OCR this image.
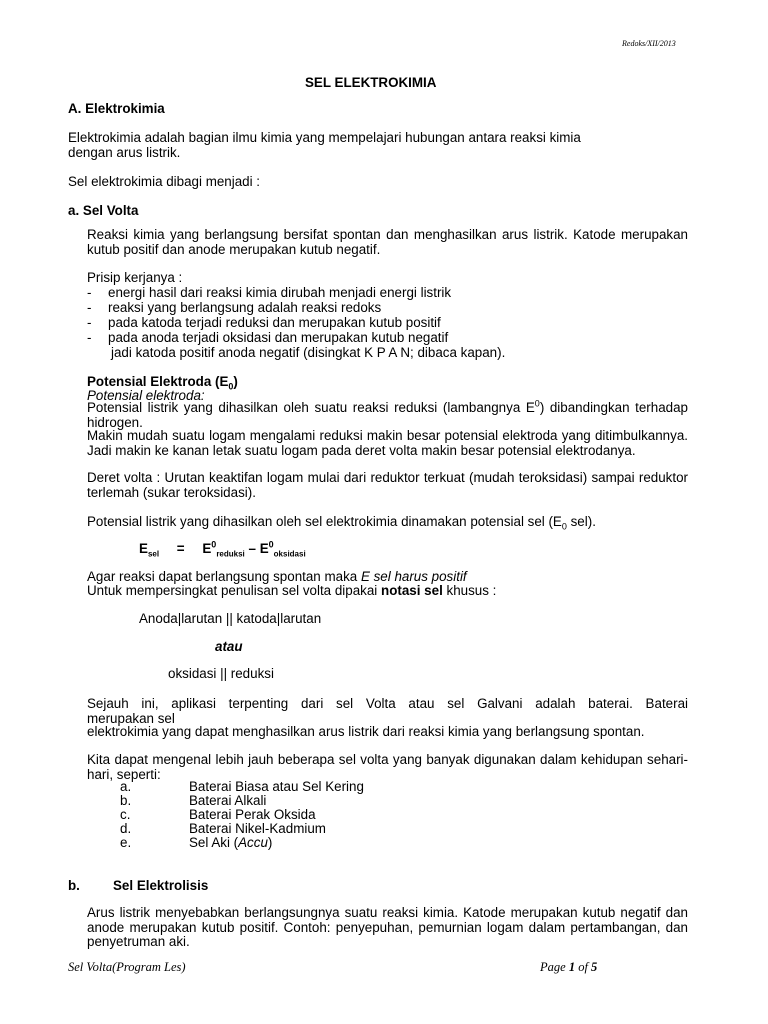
Redoks/XII/2013
SEL ELEKTROKIMIA
A. Elektrokimia
Elektrokimia adalah bagian ilmu kimia yang mempelajari hubungan antara reaksi kimia
dengan arus listrik.
Sel elektrokimia dibagi menjadi :
a. Sel Volta
Reaksi kimia yang berlangsung bersifat spontan dan menghasilkan arus listrik. Katode merupakan kutub positif dan anode merupakan kutub negatif.
Prisip kerjanya :
- energi hasil dari reaksi kimia dirubah menjadi energi listrik
- reaksi yang berlangsung adalah reaksi redoks
- pada katoda terjadi reduksi dan merupakan kutub positif
- pada anoda terjadi oksidasi dan merupakan kutub negatif
jadi katoda positif anoda negatif (disingkat K P A N; dibaca kapan).
Potensial Elektroda $(E_0)$
Potensial elektroda:
Potensial listrik yang dihasilkan oleh suatu reaksi reduksi (lambangnya $E^0$) dibandingkan terhadap hidrogen.
Makin mudah suatu logam mengalami reduksi makin besar potensial elektroda yang ditimbulkannya. Jadi makin ke kanan letak suatu logam pada deret volta makin besar potensial elektrodanya.
Deret volta : Urutan keaktifan logam mulai dari reduktor terkuat (mudah teroksidasi) sampai reduktor terlemah (sukar teroksidasi).
Potensial listrik yang dihasilkan oleh sel elektrokimia dinamakan potensial sel ($E_0$ sel).
$E_{sel} = E^0_{reduksi} - E^0_{oksidasi}$
Agar reaksi dapat berlangsung spontan maka E sel harus positif
Untuk mempersingkat penulisan sel volta dipakai notasi sel khusus :
Anoda|larutan || katoda|larutan
atau
oksidasi || reduksi
Sejauh ini, aplikasi terpenting dari sel Volta atau sel Galvani adalah baterai. Baterai
merupakan sel
elektrokimia yang dapat menghasilkan arus listrik dari reaksi kimia yang berlangsung spontan.
Kita dapat mengenal lebih jauh beberapa sel volta yang banyak digunakan dalam kehidupan sehari-hari, seperti:
a.	Baterai Biasa atau Sel Kering
b.	Baterai Alkali
c.	Baterai Perak Oksida
d.	Baterai Nikel-Kadmium
e.	Sel Aki (Accu)
b. Sel Elektrolisis
Arus listrik menyebabkan berlangsungnya suatu reaksi kimia. Katode merupakan kutub negatif dan anode merupakan kutub positif. Contoh: penyepuhan, pemurnian logam dalam pertambangan, dan penyetruman aki.
Sel Volta(Program Les)	Page 1 of 5
